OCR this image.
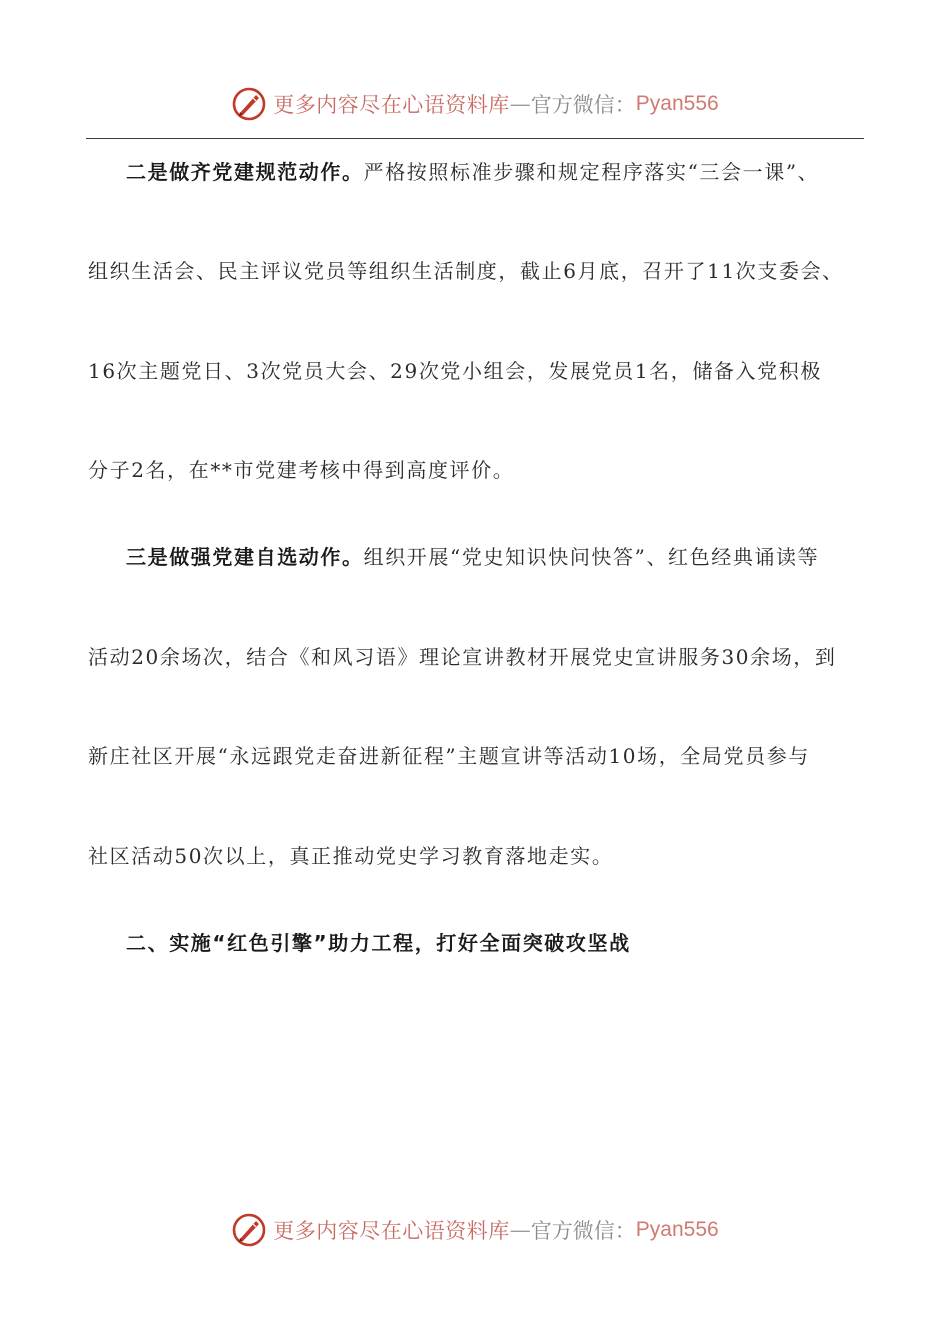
更多内容尽在心语资料库 — 官方微信： Pyan556
二是做齐党建规范动作。严格按照标准步骤和规定程序落实“三会一课”、
组织生活会、民主评议党员等组织生活制度，截止6月底，召开了11次支委会、
16次主题党日、3次党员大会、29次党小组会，发展党员1名，储备入党积极
分子2名，在**市党建考核中得到高度评价。
三是做强党建自选动作。组织开展“党史知识快问快答”、红色经典诵读等
活动20余场次，结合《和风习语》理论宣讲教材开展党史宣讲服务30余场，到
新庄社区开展“永远跟党走奋进新征程”主题宣讲等活动10场，全局党员参与
社区活动50次以上，真正推动党史学习教育落地走实。
二、实施“红色引擎”助力工程，打好全面突破攻坚战
更多内容尽在心语资料库 — 官方微信： Pyan556
